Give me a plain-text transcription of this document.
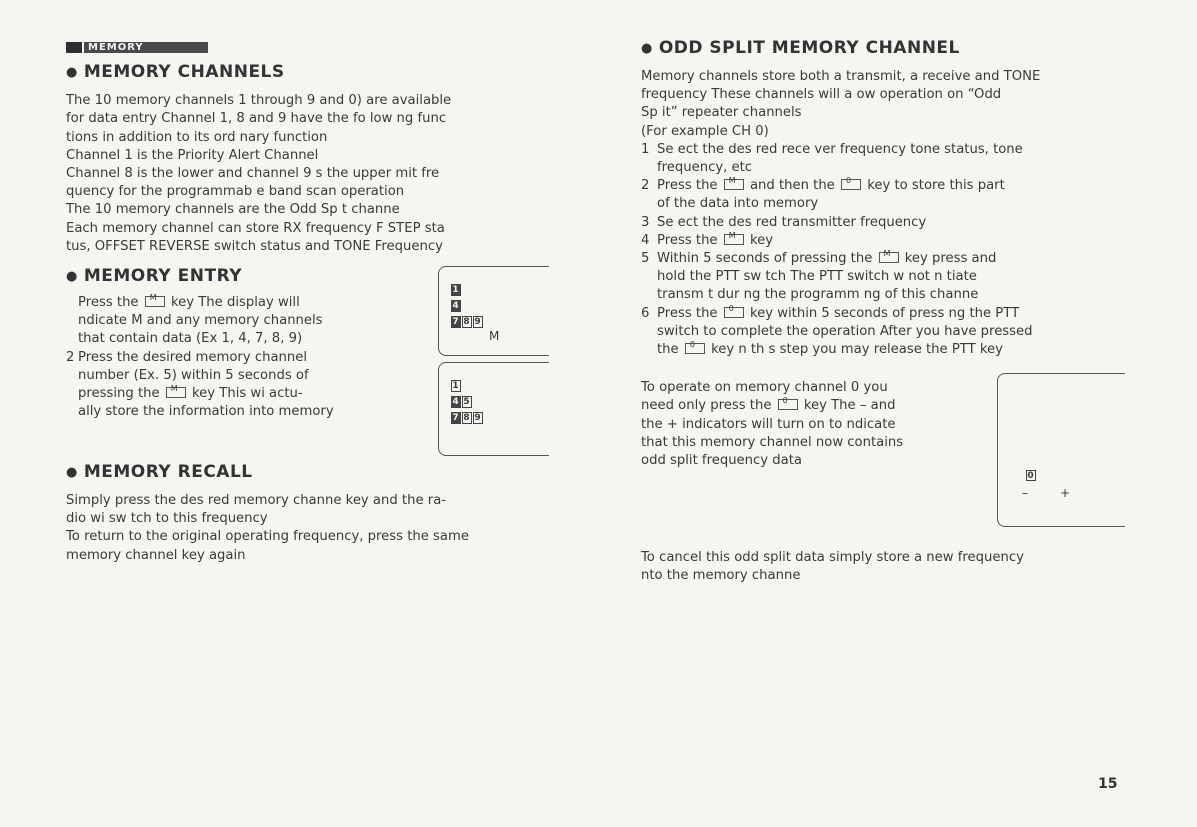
MEMORY
● MEMORY CHANNELS

The 10 memory channels 1 through 9 and 0) are available

for data entry Channel 1, 8 and 9 have the fo low ng func

tions in addition to its ord nary function

Channel 1 is the Priority Alert Channel

Channel 8 is the lower and channel 9 s the upper mit fre

quency for the programmab e band scan operation

The 10 memory channels are the Odd Sp t channe

Each memory channel can store RX frequency F STEP sta

tus, OFFSET REVERSE switch status and TONE Frequency

● MEMORY ENTRY

Press the M key The display will

ndicate M and any memory channels

that contain data (Ex 1, 4, 7, 8, 9)

2 Press the desired memory channel

number (Ex. 5) within 5 seconds of

pressing the M key This wi actu-

ally store the information into memory

1
4
7 8 9
M
1
4 5
7 8 9
● MEMORY RECALL

Simply press the des red memory channe key and the ra-

dio wi sw tch to this frequency

To return to the original operating frequency, press the same

memory channel key again

● ODD SPLIT MEMORY CHANNEL

Memory channels store both a transmit, a receive and TONE

frequency These channels will a ow operation on “Odd

Sp it” repeater channels

(For example CH 0)

1 Se ect the des red rece ver frequency tone status, tone

frequency, etc

2 Press the M and then the 0 key to store this part

of the data into memory

3 Se ect the des red transmitter frequency

4 Press the M key

5 Within 5 seconds of pressing the M key press and

hold the PTT sw tch The PTT switch w not n tiate

transm t dur ng the programm ng of this channe

6 Press the 0 key within 5 seconds of press ng the PTT

switch to complete the operation After you have pressed

the 0 key n th s step you may release the PTT key

To operate on memory channel 0 you

need only press the 0 key The – and

the + indicators will turn on to ndicate

that this memory channel now contains

odd split frequency data

0
–	+

To cancel this odd split data simply store a new frequency

nto the memory channe

15
